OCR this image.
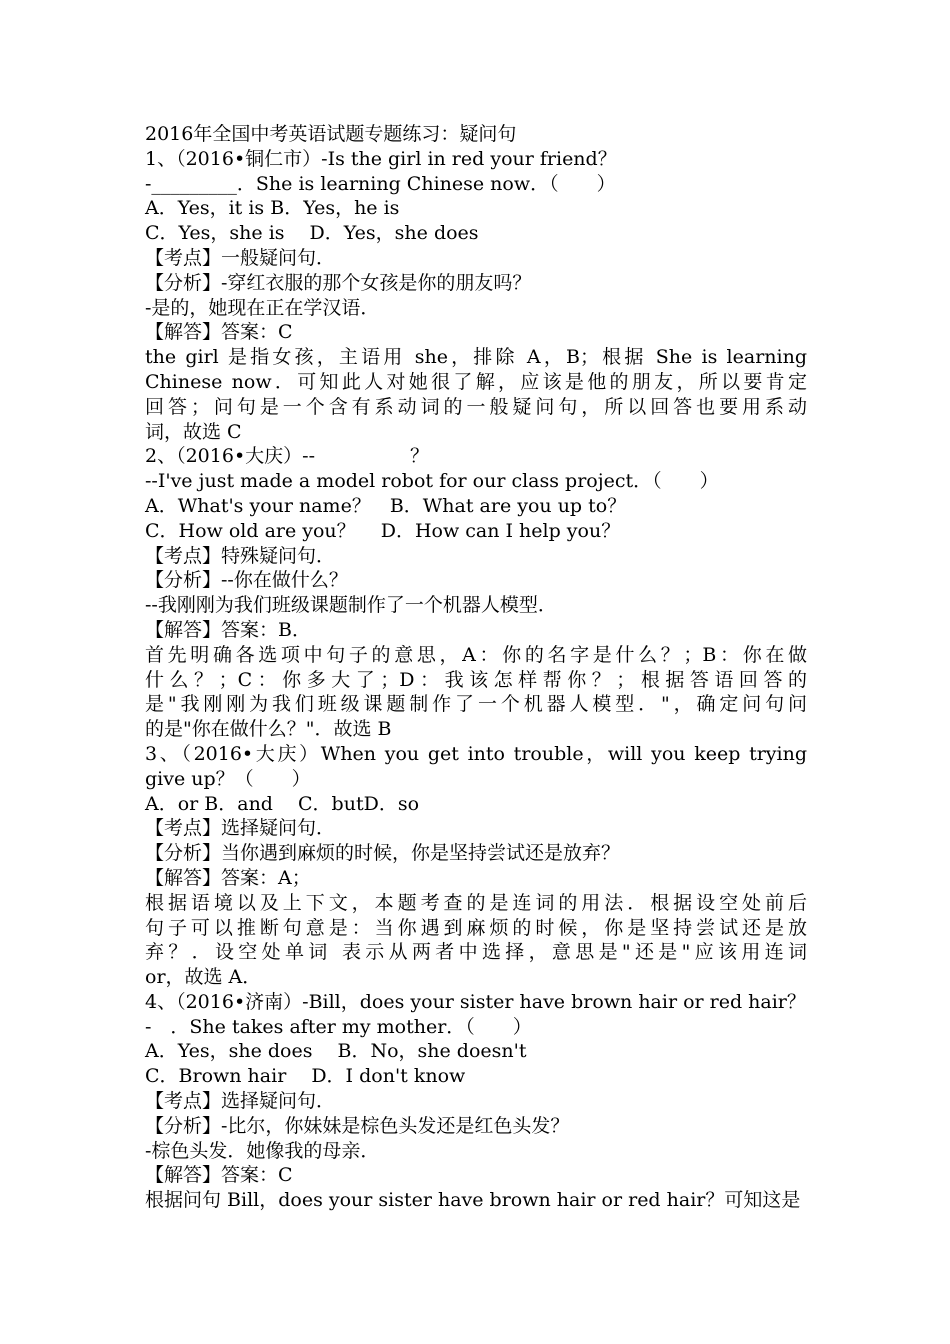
2016年全国中考英语试题专题练习：疑问句
1、（2016•铜仁市）-Is the girl in red your friend？
-_________．She is learning Chinese now．（　　）
A．Yes，it is B．Yes，he is
C．Yes，she is　 D．Yes，she does
【考点】一般疑问句．
【分析】-穿红衣服的那个女孩是你的朋友吗？
-是的，她现在正在学汉语．
【解答】答案：C
the girl 是指女孩，主语用 she，排除 A，B；根据 She is learning
Chinese now．可知此人对她很了解，应该是他的朋友，所以要肯定
回答；问句是一个含有系动词的一般疑问句，所以回答也要用系动
词，故选 C
2、（2016•大庆）--　　　　　？
--I've just made a model robot for our class project．（　　）
A．What's your name？　B．What are you up to？
C．How old are you？　 D．How can I help you？
【考点】特殊疑问句．
【分析】--你在做什么？
--我刚刚为我们班级课题制作了一个机器人模型．
【解答】答案：B．
首先明确各选项中句子的意思，A：你的名字是什么？；B：你在做
什么？；C：你多大了；D：我该怎样帮你？；根据答语回答的
是"我刚刚为我们班级课题制作了一个机器人模型．"，确定问句问
的是"你在做什么？"．故选 B
3、（2016•大庆）When you get into trouble，will you keep trying
give up？（　　）
A．or B．and　 C．butD．so
【考点】选择疑问句．
【分析】当你遇到麻烦的时候，你是坚持尝试还是放弃？
【解答】答案：A；
根据语境以及上下文，本题考查的是连词的用法．根据设空处前后
句子可以推断句意是：当你遇到麻烦的时候，你是坚持尝试还是放
弃？．设空处单词 表示从两者中选择，意思是"还是"应该用连词
or，故选 A．
4、（2016•济南）-Bill，does your sister have brown hair or red hair？
-　．She takes after my mother．（　　）
A．Yes，she does　 B．No，she doesn't
C．Brown hair　 D．I don't know
【考点】选择疑问句．
【分析】-比尔，你妹妹是棕色头发还是红色头发？
-棕色头发．她像我的母亲．
【解答】答案：C
根据问句 Bill，does your sister have brown hair or red hair？可知这是
